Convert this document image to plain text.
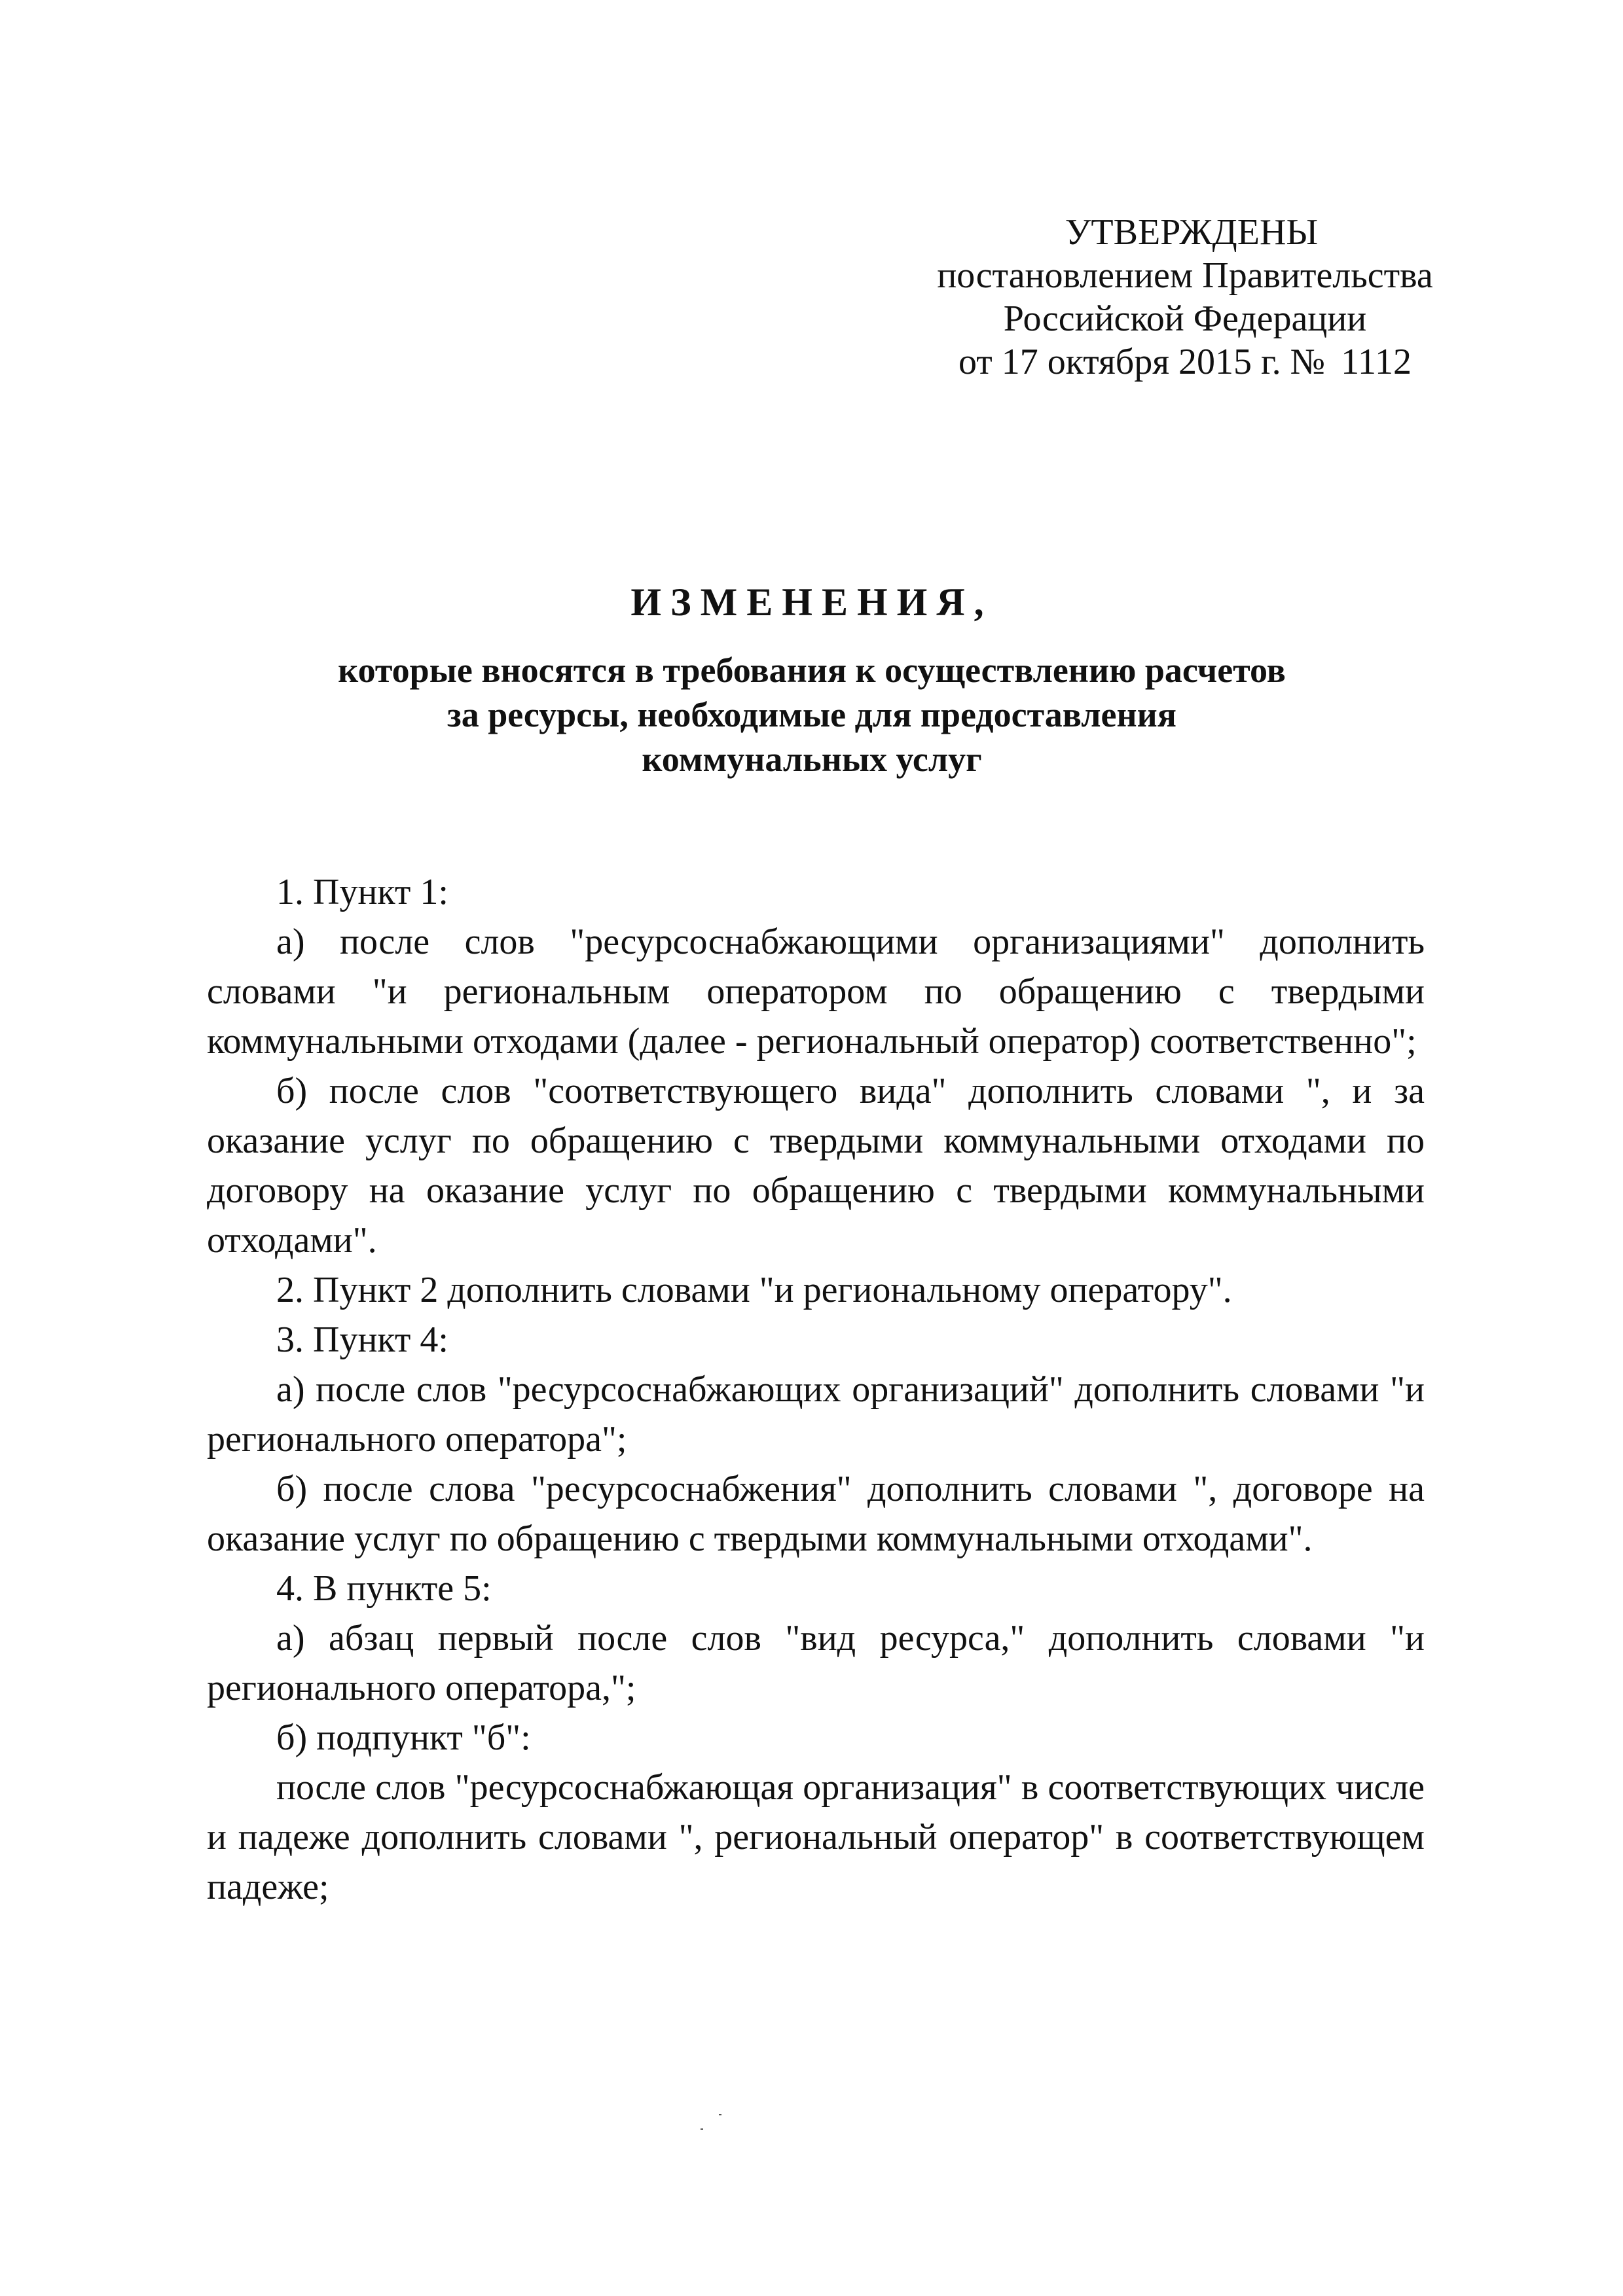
УТВЕРЖДЕНЫ
постановлением Правительства
Российской Федерации
от 17 октября 2015 г. № 1112
ИЗМЕНЕНИЯ,
которые вносятся в требования к осуществлению расчетов
за ресурсы, необходимые для предоставления
коммунальных услуг

1. Пункт 1:

а) после слов "ресурсоснабжающими организациями" дополнить словами "и региональным оператором по обращению с твердыми коммунальными отходами (далее - региональный оператор) соответственно";

б) после слов "соответствующего вида" дополнить словами ", и за оказание услуг по обращению с твердыми коммунальными отходами по договору на оказание услуг по обращению с твердыми коммунальными отходами".

2. Пункт 2 дополнить словами "и региональному оператору".

3. Пункт 4:

а) после слов "ресурсоснабжающих организаций" дополнить словами "и регионального оператора";

б) после слова "ресурсоснабжения" дополнить словами ", договоре на оказание услуг по обращению с твердыми коммунальными отходами".

4. В пункте 5:

а) абзац первый после слов "вид ресурса," дополнить словами "и регионального оператора,";

б) подпункт "б":

после слов "ресурсоснабжающая организация" в соответствующих числе и падеже дополнить словами ", региональный оператор" в соответствующем падеже;
